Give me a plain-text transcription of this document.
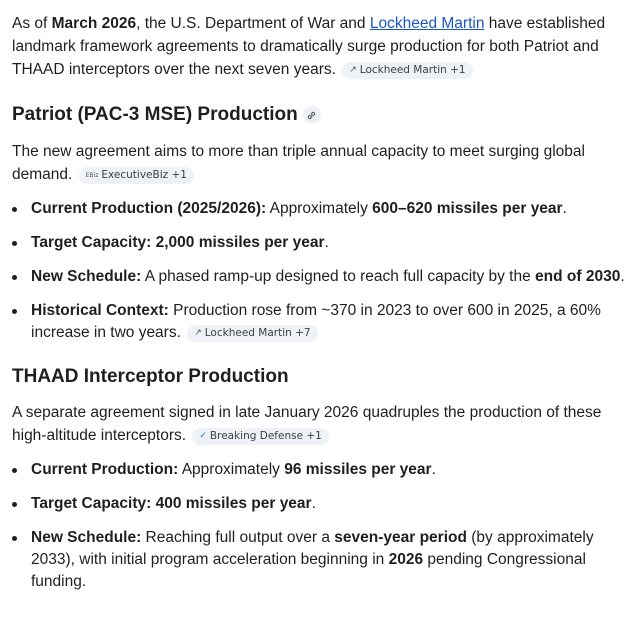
As of March 2026, the U.S. Department of War and Lockheed Martin have established landmark framework agreements to dramatically surge production for both Patriot and THAAD interceptors over the next seven years. ↗ Lockheed Martin +1

Patriot (PAC-3 MSE) Production

The new agreement aims to more than triple annual capacity to meet surging global demand. EBiz ExecutiveBiz +1

Current Production (2025/2026): Approximately 600–620 missiles per year.
Target Capacity: 2,000 missiles per year.
New Schedule: A phased ramp-up designed to reach full capacity by the end of 2030.
Historical Context: Production rose from ~370 in 2023 to over 600 in 2025, a 60% increase in two years. ↗ Lockheed Martin +7
THAAD Interceptor Production

A separate agreement signed in late January 2026 quadruples the production of these high-altitude interceptors. ✓ Breaking Defense +1

Current Production: Approximately 96 missiles per year.
Target Capacity: 400 missiles per year.
New Schedule: Reaching full output over a seven-year period (by approximately 2033), with initial program acceleration beginning in 2026 pending Congressional funding.
